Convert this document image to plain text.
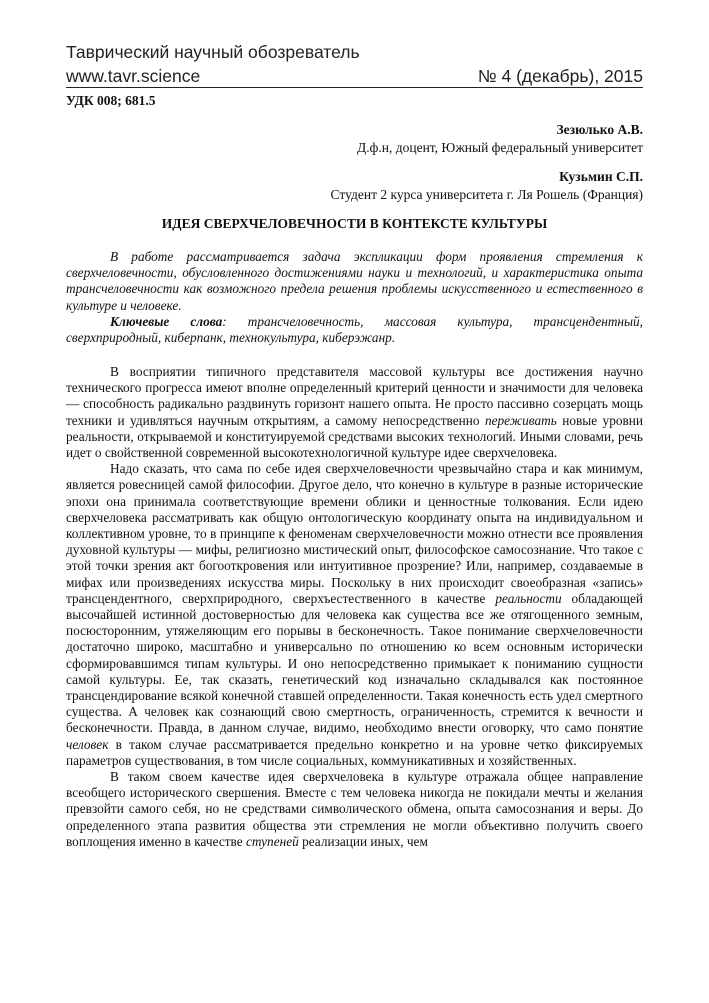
Таврический научный обозреватель
www.tavr.science	№ 4 (декабрь), 2015
УДК 008; 681.5
Зезюлько А.В.
Д.ф.н, доцент, Южный федеральный университет
Кузьмин С.П.
Студент 2 курса университета г. Ля Рошель (Франция)
ИДЕЯ СВЕРХЧЕЛОВЕЧНОСТИ В КОНТЕКСТЕ КУЛЬТУРЫ

В работе рассматривается задача экспликации форм проявления стремления к сверхчеловечности, обусловленного достижениями науки и технологий, и характеристика опыта трансчеловечности как возможного предела решения проблемы искусственного и естественного в культуре и человеке.

Ключевые слова: трансчеловечность, массовая культура, трансцендентный, сверхприродный, киберпанк, технокультура, киберэжанр.

В восприятии типичного представителя массовой культуры все достижения научно технического прогресса имеют вполне определенный критерий ценности и значимости для человека — способность радикально раздвинуть горизонт нашего опыта. Не просто пассивно созерцать мощь техники и удивляться научным открытиям, а самому непосредственно переживать новые уровни реальности, открываемой и конституируемой средствами высоких технологий. Иными словами, речь идет о свойственной современной высокотехнологичной культуре идее сверхчеловека.

Надо сказать, что сама по себе идея сверхчеловечности чрезвычайно стара и как минимум, является ровесницей самой философии. Другое дело, что конечно в культуре в разные исторические эпохи она принимала соответствующие времени облики и ценностные толкования. Если идею сверхчеловека рассматривать как общую онтологическую координату опыта на индивидуальном и коллективном уровне, то в принципе к феноменам сверхчеловечности можно отнести все проявления духовной культуры — мифы, религиозно мистический опыт, философское самосознание. Что такое с этой точки зрения акт богооткровения или интуитивное прозрение? Или, например, создаваемые в мифах или произведениях искусства миры. Поскольку в них происходит своеобразная «запись» трансцендентного, сверхприродного, сверхъестественного в качестве реальности обладающей высочайшей истинной достоверностью для человека как существа все же отягощенного земным, посюсторонним, утяжеляющим его порывы в бесконечность. Такое понимание сверхчеловечности достаточно широко, масштабно и универсально по отношению ко всем основным исторически сформировавшимся типам культуры. И оно непосредственно примыкает к пониманию сущности самой культуры. Ее, так сказать, генетический код изначально складывался как постоянное трансцендирование всякой конечной ставшей определенности. Такая конечность есть удел смертного существа. А человек как сознающий свою смертность, ограниченность, стремится к вечности и бесконечности. Правда, в данном случае, видимо, необходимо внести оговорку, что само понятие человек в таком случае рассматривается предельно конкретно и на уровне четко фиксируемых параметров существования, в том числе социальных, коммуникативных и хозяйственных.

В таком своем качестве идея сверхчеловека в культуре отражала общее направление всеобщего исторического свершения. Вместе с тем человека никогда не покидали мечты и желания превзойти самого себя, но не средствами символического обмена, опыта самосознания и веры. До определенного этапа развития общества эти стремления не могли объективно получить своего воплощения именно в качестве ступеней реализации иных, чем
